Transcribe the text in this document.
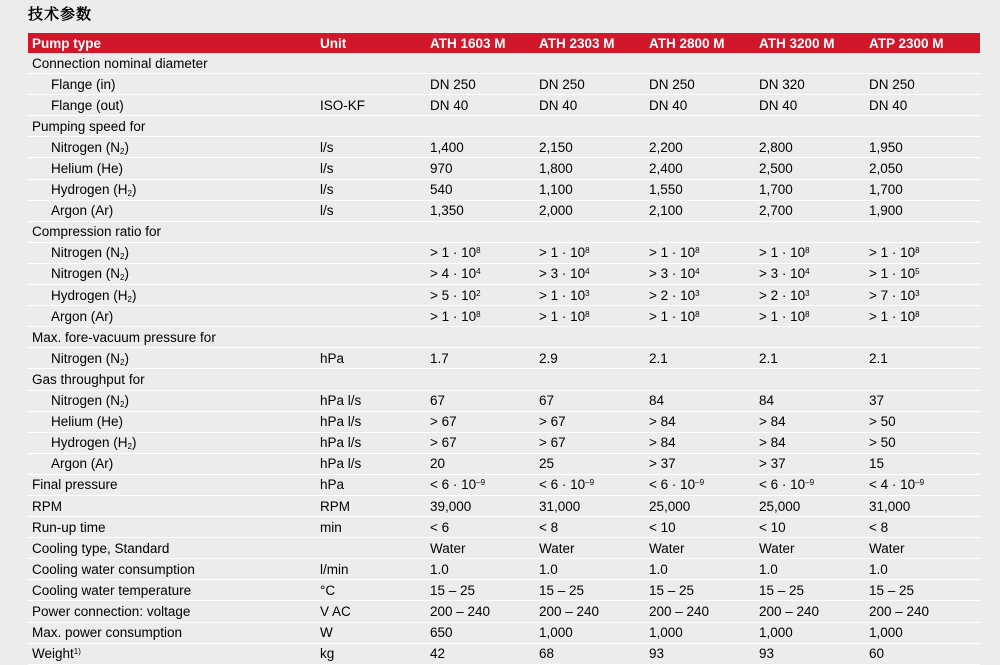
技术参数
Pump type	Unit	ATH 1603 M	ATH 2303 M	ATH 2800 M	ATH 3200 M	ATP 2300 M
Connection nominal diameter						
Flange (in)		DN 250	DN 250	DN 250	DN 320	DN 250
Flange (out)	ISO-KF	DN 40	DN 40	DN 40	DN 40	DN 40
Pumping speed for						
Nitrogen $(N_2)$	l/s	1,400	2,150	2,200	2,800	1,950
Helium (He)	l/s	970	1,800	2,400	2,500	2,050
Hydrogen $(H_2)$	l/s	540	1,100	1,550	1,700	1,700
Argon (Ar)	l/s	1,350	2,000	2,100	2,700	1,900
Compression ratio for						
Nitrogen $(N_2)$		> $1 \cdot 10^8$	> $1 \cdot 10^8$	> $1 \cdot 10^8$	> $1 \cdot 10^8$	> $1 \cdot 10^8$
Nitrogen $(N_2)$		> $4 \cdot 10^4$	> $3 \cdot 10^4$	> $3 \cdot 10^4$	> $3 \cdot 10^4$	> $1 \cdot 10^5$
Hydrogen $(H_2)$		> $5 \cdot 10^2$	> $1 \cdot 10^3$	> $2 \cdot 10^3$	> $2 \cdot 10^3$	> $7 \cdot 10^3$
Argon (Ar)		> $1 \cdot 10^8$	> $1 \cdot 10^8$	> $1 \cdot 10^8$	> $1 \cdot 10^8$	> $1 \cdot 10^8$
Max. fore-vacuum pressure for						
Nitrogen $(N_2)$	hPa	1.7	2.9	2.1	2.1	2.1
Gas throughput for						
Nitrogen $(N_2)$	hPa l/s	67	67	84	84	37
Helium (He)	hPa l/s	> 67	> 67	> 84	> 84	> 50
Hydrogen $(H_2)$	hPa l/s	> 67	> 67	> 84	> 84	> 50
Argon (Ar)	hPa l/s	20	25	> 37	> 37	15
Final pressure	hPa	< $6 \cdot 10^{-9}$	< $6 \cdot 10^{-9}$	< $6 \cdot 10^{-9}$	< $6 \cdot 10^{-9}$	< $4 \cdot 10^{-9}$
RPM	RPM	39,000	31,000	25,000	25,000	31,000
Run-up time	min	< 6	< 8	< 10	< 10	< 8
Cooling type, Standard		Water	Water	Water	Water	Water
Cooling water consumption	l/min	1.0	1.0	1.0	1.0	1.0
Cooling water temperature	°C	15 – 25	15 – 25	15 – 25	15 – 25	15 – 25
Power connection: voltage	V AC	200 – 240	200 – 240	200 – 240	200 – 240	200 – 240
Max. power consumption	W	650	1,000	1,000	1,000	1,000
Weight$^{1)}$	kg	42	68	93	93	60
